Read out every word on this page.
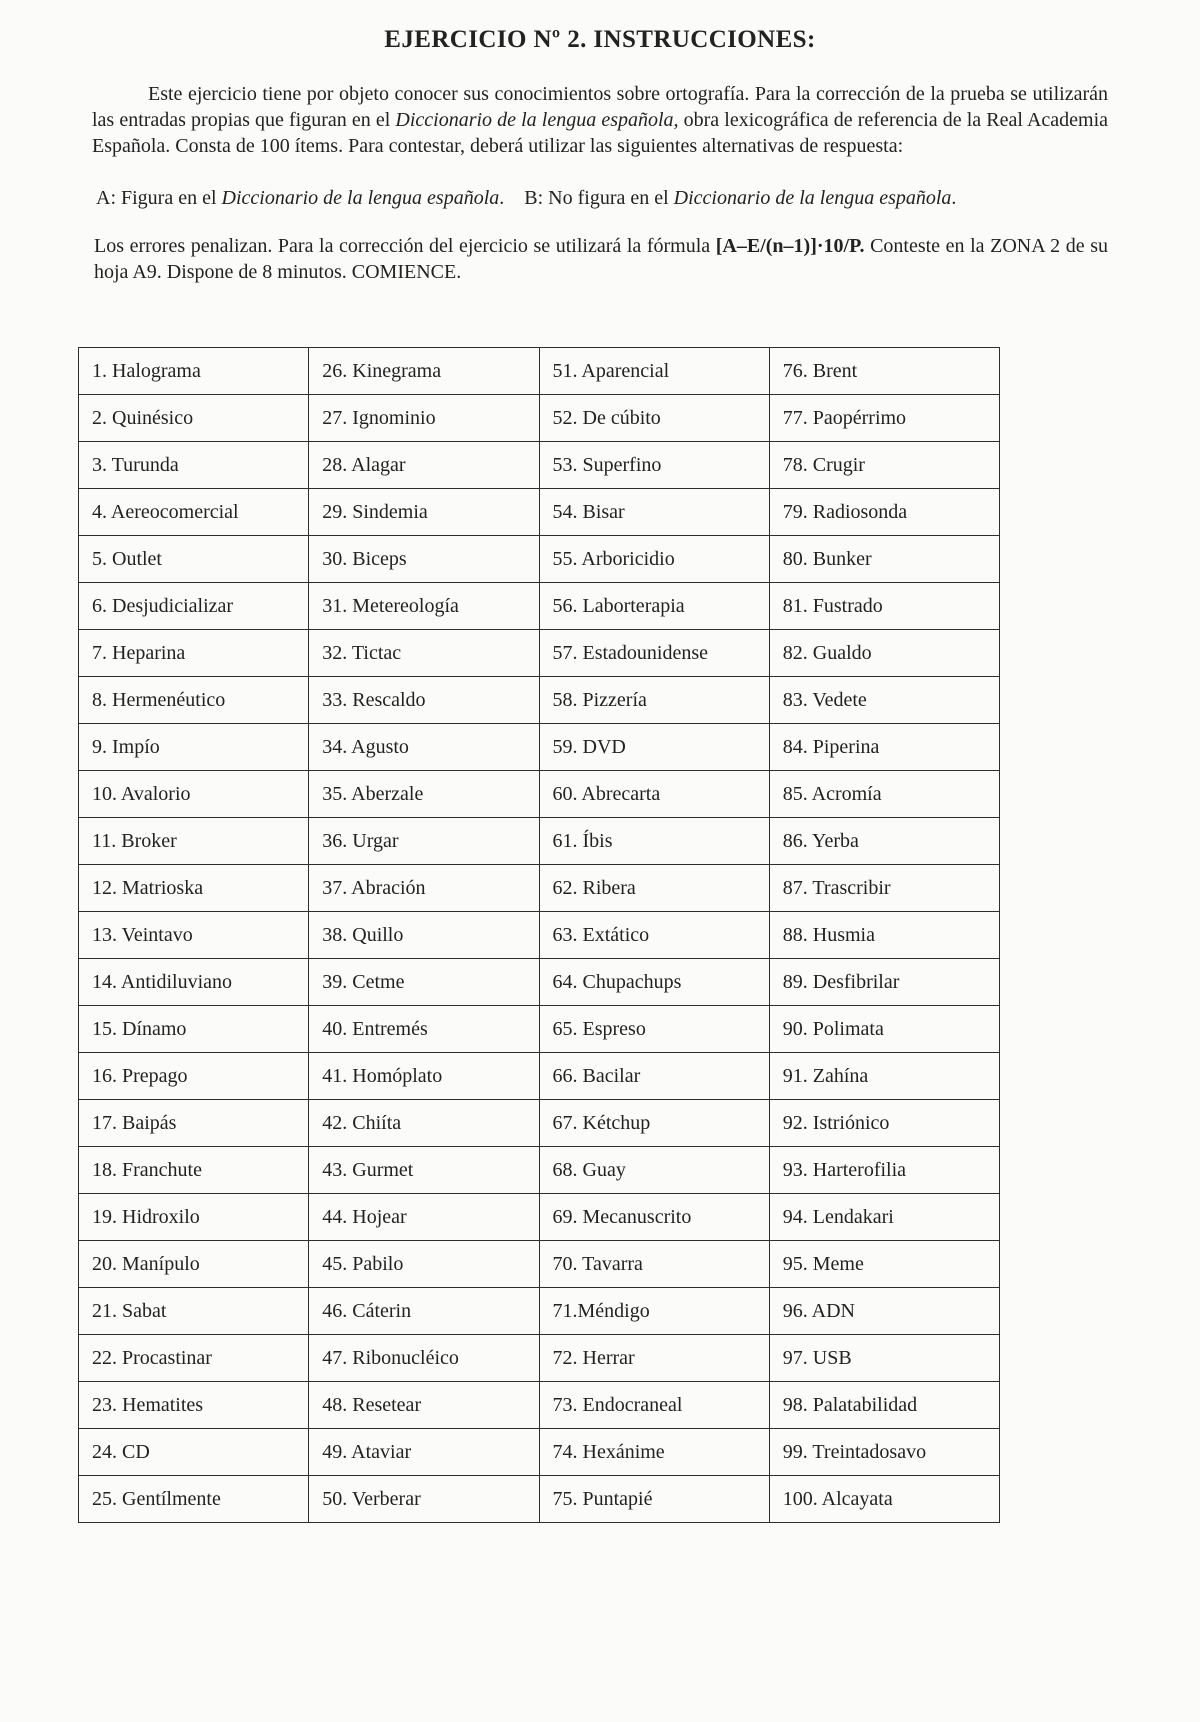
EJERCICIO Nº 2. INSTRUCCIONES:

Este ejercicio tiene por objeto conocer sus conocimientos sobre ortografía. Para la corrección de la prueba se utilizarán las entradas propias que figuran en el Diccionario de la lengua española, obra lexicográfica de referencia de la Real Academia Española. Consta de 100 ítems. Para contestar, deberá utilizar las siguientes alternativas de respuesta:

A: Figura en el Diccionario de la lengua española.    B: No figura en el Diccionario de la lengua española.

Los errores penalizan. Para la corrección del ejercicio se utilizará la fórmula [A–E/(n–1)]·10/P. Conteste en la ZONA 2 de su hoja A9. Dispone de 8 minutos. COMIENCE.

1. Halograma	26. Kinegrama	51. Aparencial	76. Brent
2. Quinésico	27. Ignominio	52. De cúbito	77. Paopérrimo
3. Turunda	28. Alagar	53. Superfino	78. Crugir
4. Aereocomercial	29. Sindemia	54. Bisar	79. Radiosonda
5. Outlet	30. Biceps	55. Arboricidio	80. Bunker
6. Desjudicializar	31. Metereología	56. Laborterapia	81. Fustrado
7. Heparina	32. Tictac	57. Estadounidense	82. Gualdo
8. Hermenéutico	33. Rescaldo	58. Pizzería	83. Vedete
9. Impío	34. Agusto	59. DVD	84. Piperina
10. Avalorio	35. Aberzale	60. Abrecarta	85. Acromía
11. Broker	36. Urgar	61. Íbis	86. Yerba
12. Matrioska	37. Abración	62. Ribera	87. Trascribir
13. Veintavo	38. Quillo	63. Extático	88. Husmia
14. Antidiluviano	39. Cetme	64. Chupachups	89. Desfibrilar
15. Dínamo	40. Entremés	65. Espreso	90. Polimata
16. Prepago	41. Homóplato	66. Bacilar	91. Zahína
17. Baipás	42. Chiíta	67. Kétchup	92. Istriónico
18. Franchute	43. Gurmet	68. Guay	93. Harterofilia
19. Hidroxilo	44. Hojear	69. Mecanuscrito	94. Lendakari
20. Manípulo	45. Pabilo	70. Tavarra	95. Meme
21. Sabat	46. Cáterin	71.Méndigo	96. ADN
22. Procastinar	47. Ribonucléico	72. Herrar	97. USB
23. Hematites	48. Resetear	73. Endocraneal	98. Palatabilidad
24. CD	49. Ataviar	74. Hexánime	99. Treintadosavo
25. Gentílmente	50. Verberar	75. Puntapié	100. Alcayata
